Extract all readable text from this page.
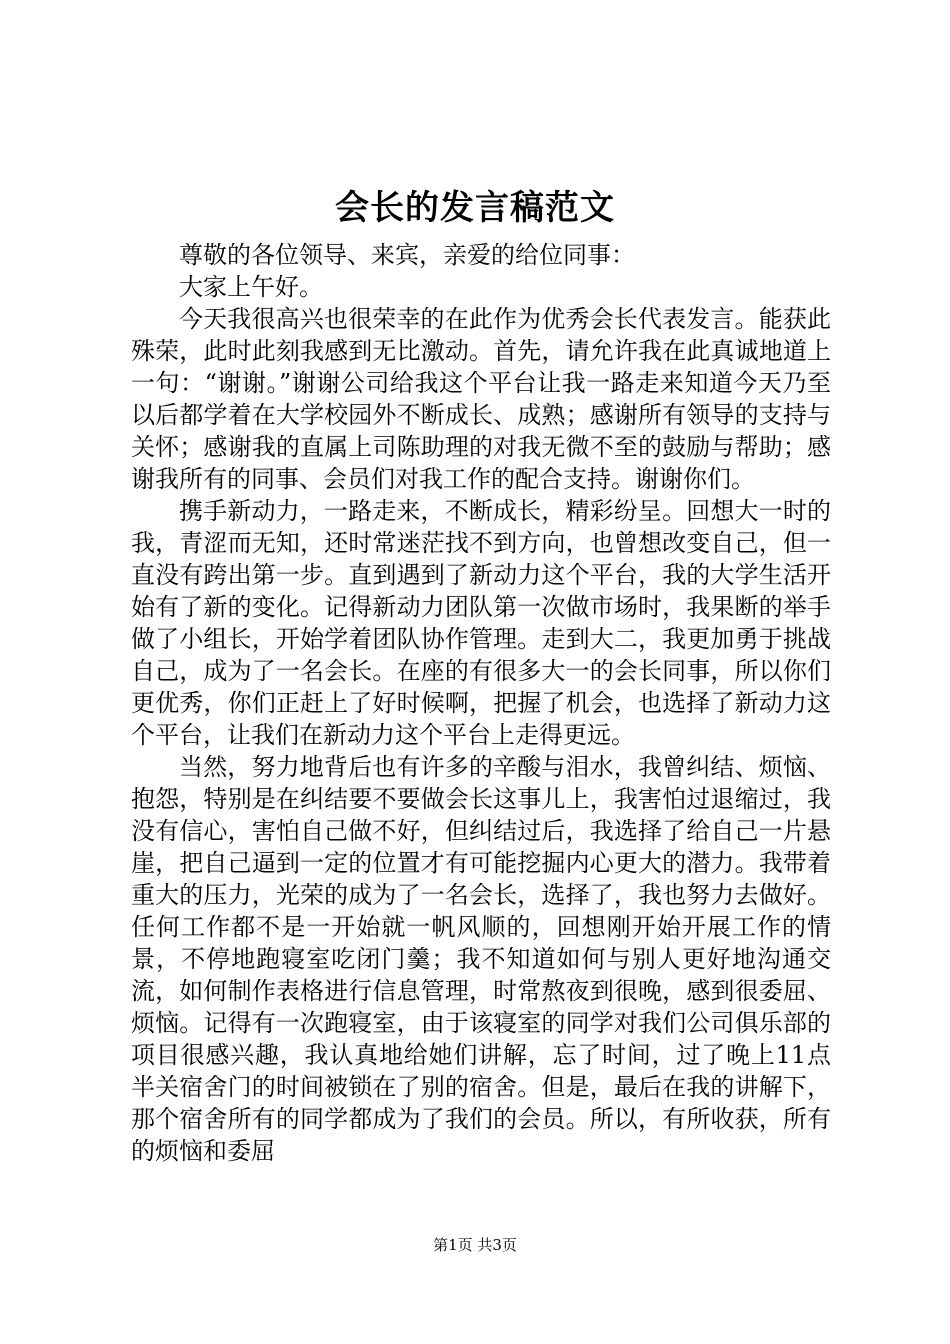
会长的发言稿范文

尊敬的各位领导、来宾，亲爱的给位同事：

大家上午好。

今天我很高兴也很荣幸的在此作为优秀会长代表发言。能获此殊荣，此时此刻我感到无比激动。首先，请允许我在此真诚地道上一句：“谢谢。”谢谢公司给我这个平台让我一路走来知道今天乃至以后都学着在大学校园外不断成长、成熟；感谢所有领导的支持与关怀；感谢我的直属上司陈助理的对我无微不至的鼓励与帮助；感谢我所有的同事、会员们对我工作的配合支持。谢谢你们。

携手新动力，一路走来，不断成长，精彩纷呈。回想大一时的我，青涩而无知，还时常迷茫找不到方向，也曾想改变自己，但一直没有跨出第一步。直到遇到了新动力这个平台，我的大学生活开始有了新的变化。记得新动力团队第一次做市场时，我果断的举手做了小组长，开始学着团队协作管理。走到大二，我更加勇于挑战自己，成为了一名会长。在座的有很多大一的会长同事，所以你们更优秀，你们正赶上了好时候啊，把握了机会，也选择了新动力这个平台，让我们在新动力这个平台上走得更远。

当然，努力地背后也有许多的辛酸与泪水，我曾纠结、烦恼、抱怨，特别是在纠结要不要做会长这事儿上，我害怕过退缩过，我没有信心，害怕自己做不好，但纠结过后，我选择了给自己一片悬崖，把自己逼到一定的位置才有可能挖掘内心更大的潜力。我带着重大的压力，光荣的成为了一名会长，选择了，我也努力去做好。任何工作都不是一开始就一帆风顺的，回想刚开始开展工作的情景，不停地跑寝室吃闭门羹；我不知道如何与别人更好地沟通交流，如何制作表格进行信息管理，时常熬夜到很晚，感到很委屈、烦恼。记得有一次跑寝室，由于该寝室的同学对我们公司俱乐部的项目很感兴趣，我认真地给她们讲解，忘了时间，过了晚上11点半关宿舍门的时间被锁在了别的宿舍。但是，最后在我的讲解下，那个宿舍所有的同学都成为了我们的会员。所以，有所收获，所有的烦恼和委屈

第1页 共3页
